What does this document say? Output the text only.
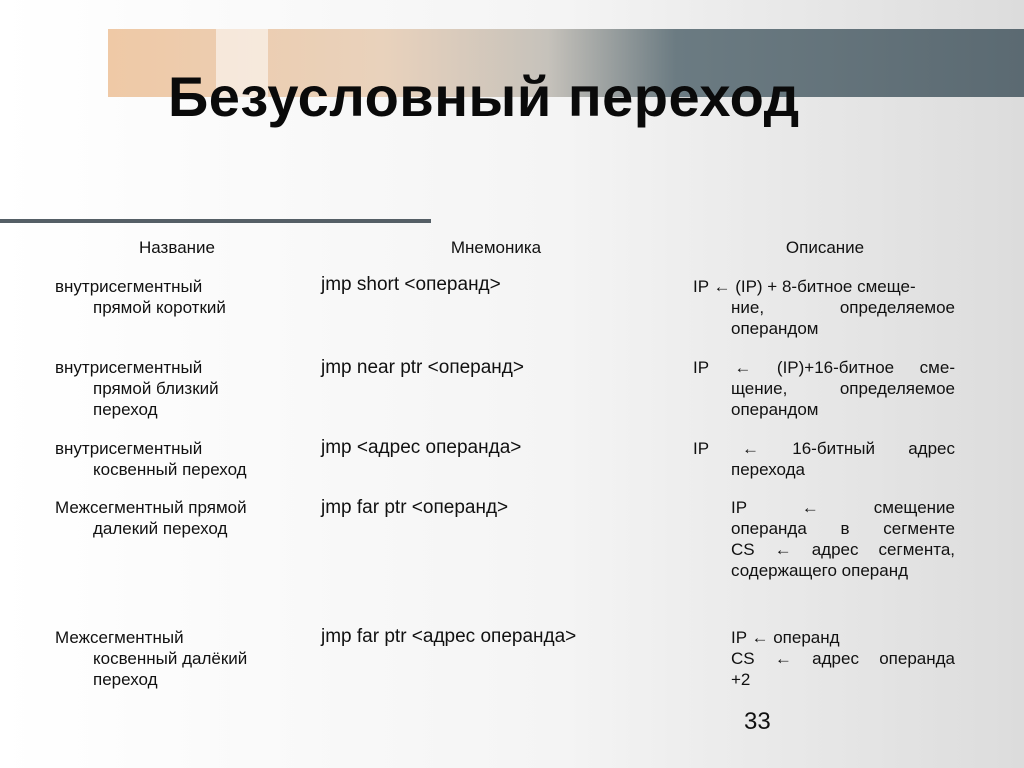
Безусловный переход
Название	Мнемоника	Описание
внутрисегментный
прямой короткий
jmp short <операнд>	IP ← (IP) + 8-битное смеще-
ние, определяемое
операндом
внутрисегментный
прямой близкий
переход
jmp near ptr <операнд>	IP ← (IP)+16-битное сме-
щение, определяемое
операндом
внутрисегментный
косвенный переход
jmp <адрес операнда>	IP ← 16-битный адрес
перехода
Межсегментный прямой
далекий переход
jmp far ptr <операнд>	IP ← смещение
операнда в сегменте
CS ← адрес сегмента,
содержащего операнд
Межсегментный
косвенный далёкий
переход
jmp far ptr <адрес операнда>	IP ← операнд
CS ← адрес операнда
+2
33
